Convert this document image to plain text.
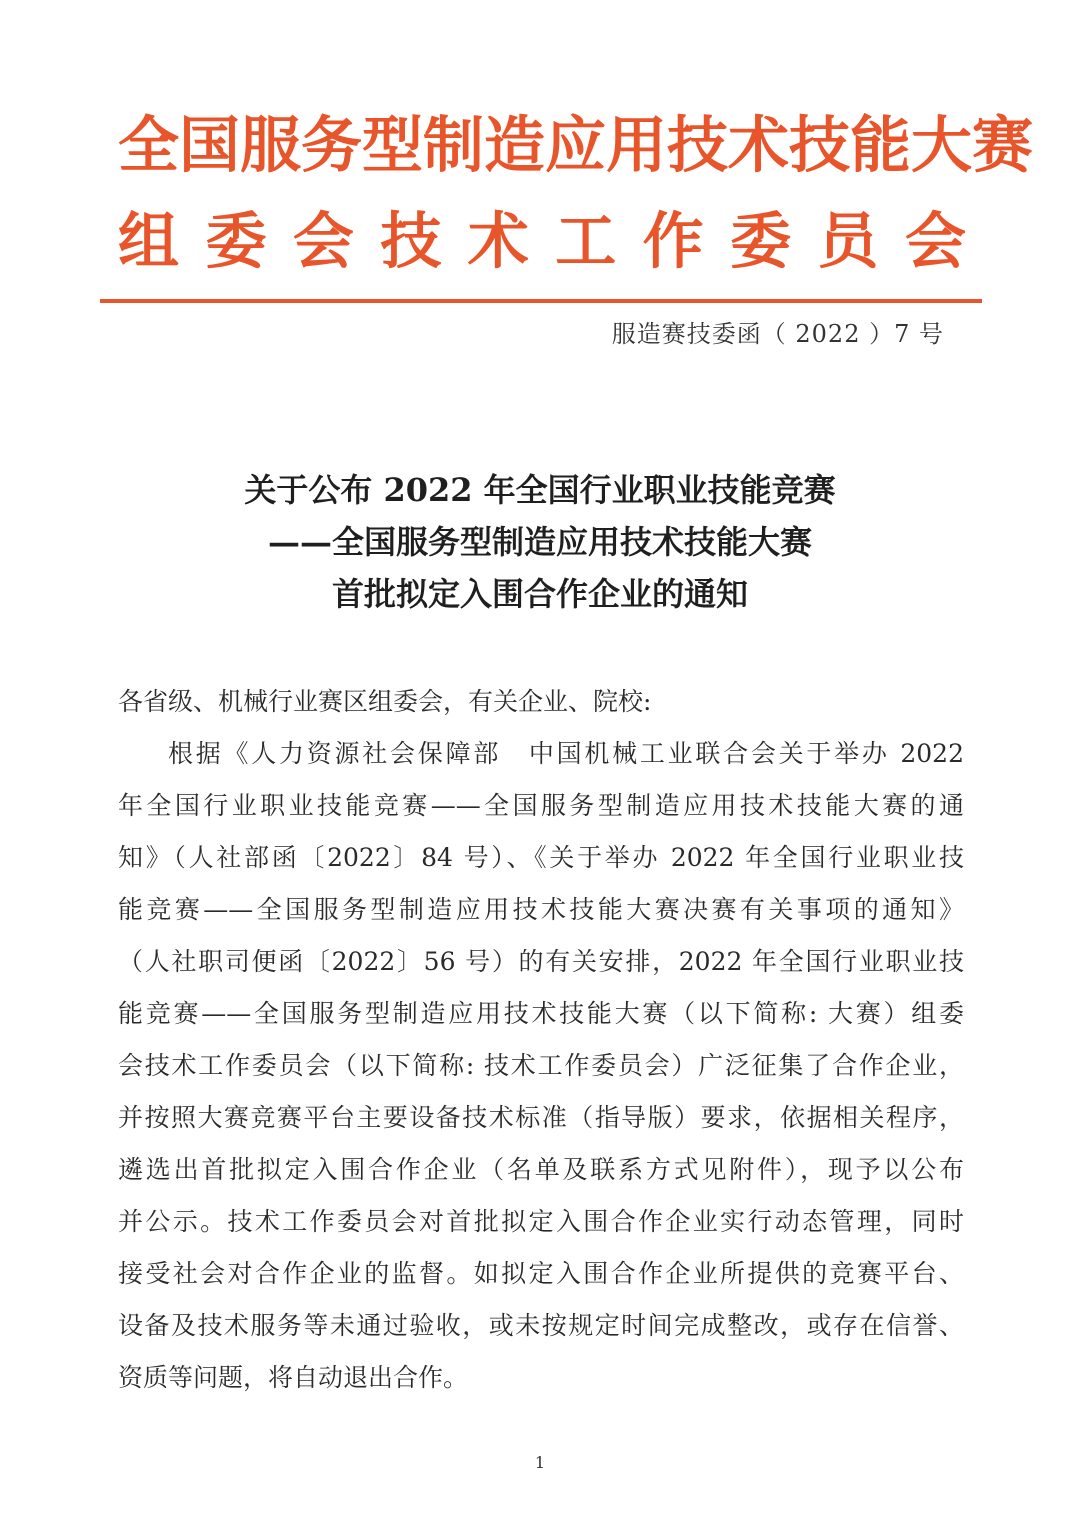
全国服务型制造应用技术技能大赛
组委会技术工作委员会
服造赛技委函（ 2022 ）7 号
关于公布 2022 年全国行业职业技能竞赛
——全国服务型制造应用技术技能大赛
首批拟定入围合作企业的通知
各省级、机械行业赛区组委会，有关企业、院校:
根据《人力资源社会保障部　中国机械工业联合会关于举办 2022
年全国行业职业技能竞赛——全国服务型制造应用技术技能大赛的通
知》（人社部函〔2022〕84 号）、《关于举办 2022 年全国行业职业技
能竞赛——全国服务型制造应用技术技能大赛决赛有关事项的通知》
（人社职司便函〔2022〕56 号）的有关安排，2022 年全国行业职业技
能竞赛——全国服务型制造应用技术技能大赛（以下简称: 大赛）组委
会技术工作委员会（以下简称: 技术工作委员会）广泛征集了合作企业，
并按照大赛竞赛平台主要设备技术标准（指导版）要求，依据相关程序，
遴选出首批拟定入围合作企业（名单及联系方式见附件），现予以公布
并公示。技术工作委员会对首批拟定入围合作企业实行动态管理，同时
接受社会对合作企业的监督。如拟定入围合作企业所提供的竞赛平台、
设备及技术服务等未通过验收，或未按规定时间完成整改，或存在信誉、
资质等问题，将自动退出合作。
1
